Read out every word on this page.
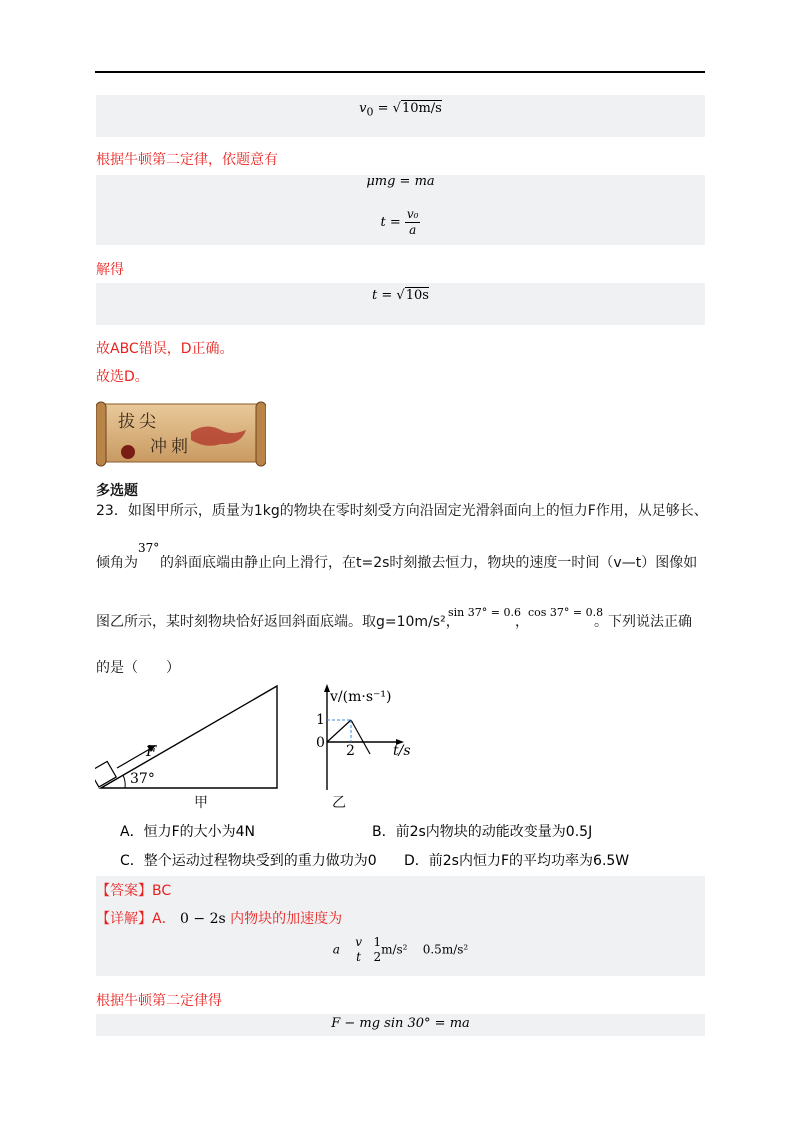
$v_0 = √10m/s$
根据牛顿第二定律，依题意有
μmg = ma
$t = \frac{\text{v₀}}{a}$
解得
t = √10s
故ABC错误，D正确。
故选D。
拔尖
冲刺
多选题
23．如图甲所示，质量为1kg的物块在零时刻受方向沿固定光滑斜面向上的恒力F作用，从足够长、
倾角为
37°
的斜面底端由静止向上滑行，在t=2s时刻撤去恒力，物块的速度一时间（v—t）图像如
图乙所示，某时刻物块恰好返回斜面底端。取g=10m/s²，
sin 37° = 0.6
，
cos 37° = 0.8
。下列说法正确
的是（　　）
F
37°
甲
v/(m·s⁻¹)
1
0 2	t/s
乙
A．恒力F的大小为4N	B．前2s内物块的动能改变量为0.5J
C．整个运动过程物块受到的重力做功为0 D．前2s内恒力F的平均功率为6.5W
【答案】BC
【详解】A． 0 − 2s 内物块的加速度为
a
v
t

1
2
m/s² 0.5m/s²
根据牛顿第二定律得
F − mg sin 30° = ma
